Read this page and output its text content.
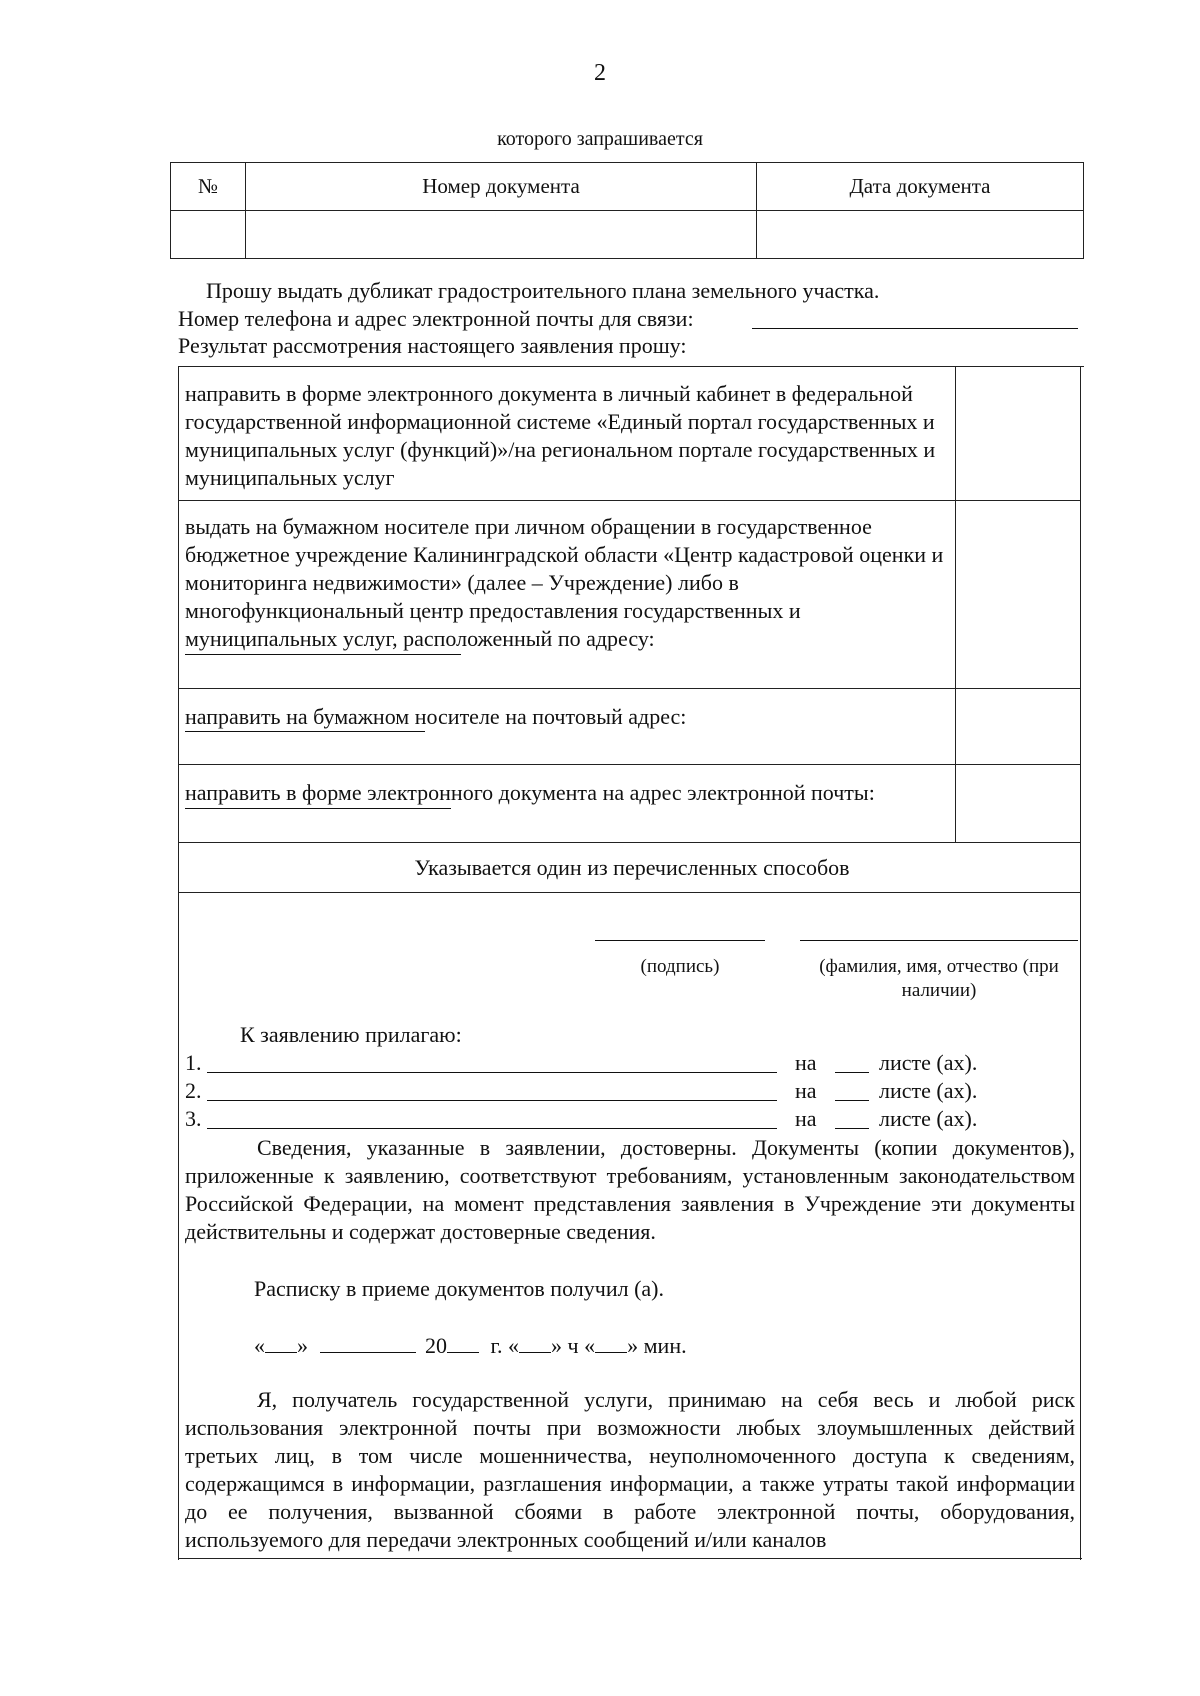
2
которого запрашивается
№	Номер документа	Дата документа

Прошу выдать дубликат градостроительного плана земельного участка.
Номер телефона и адрес электронной почты для связи:
Результат рассмотрения настоящего заявления прошу:
направить в форме электронного документа в личный кабинет в федеральной государственной информационной системе «Единый портал государственных и муниципальных услуг (функций)»/на региональном портале государственных и муниципальных услуг
выдать на бумажном носителе при личном обращении в государственное бюджетное учреждение Калининградской области «Центр кадастровой оценки и мониторинга недвижимости» (далее – Учреждение) либо в многофункциональный центр предоставления государственных и муниципальных услуг, расположенный по адресу:
направить на бумажном носителе на почтовый адрес:
направить в форме электронного документа на адрес электронной почты:
Указывается один из перечисленных способов
(подпись)	(фамилия, имя, отчество (при наличии)
К заявлению прилагаю:
1.	на	листе (ах).
2.	на	листе (ах).
3.	на	листе (ах).
Сведения, указанные в заявлении, достоверны. Документы (копии документов), приложенные к заявлению, соответствуют требованиям, установленным законодательством Российской Федерации, на момент представления заявления в Учреждение эти документы действительны и содержат достоверные сведения.
Расписку в приеме документов получил (а).
« »	20 г. « » ч « » мин.
Я, получатель государственной услуги, принимаю на себя весь и любой риск использования электронной почты при возможности любых злоумышленных действий третьих лиц, в том числе мошенничества, неуполномоченного доступа к сведениям, содержащимся в информации, разглашения информации, а также утраты такой информации до ее получения, вызванной сбоями в работе электронной почты, оборудования, используемого для передачи электронных сообщений и/или каналов
